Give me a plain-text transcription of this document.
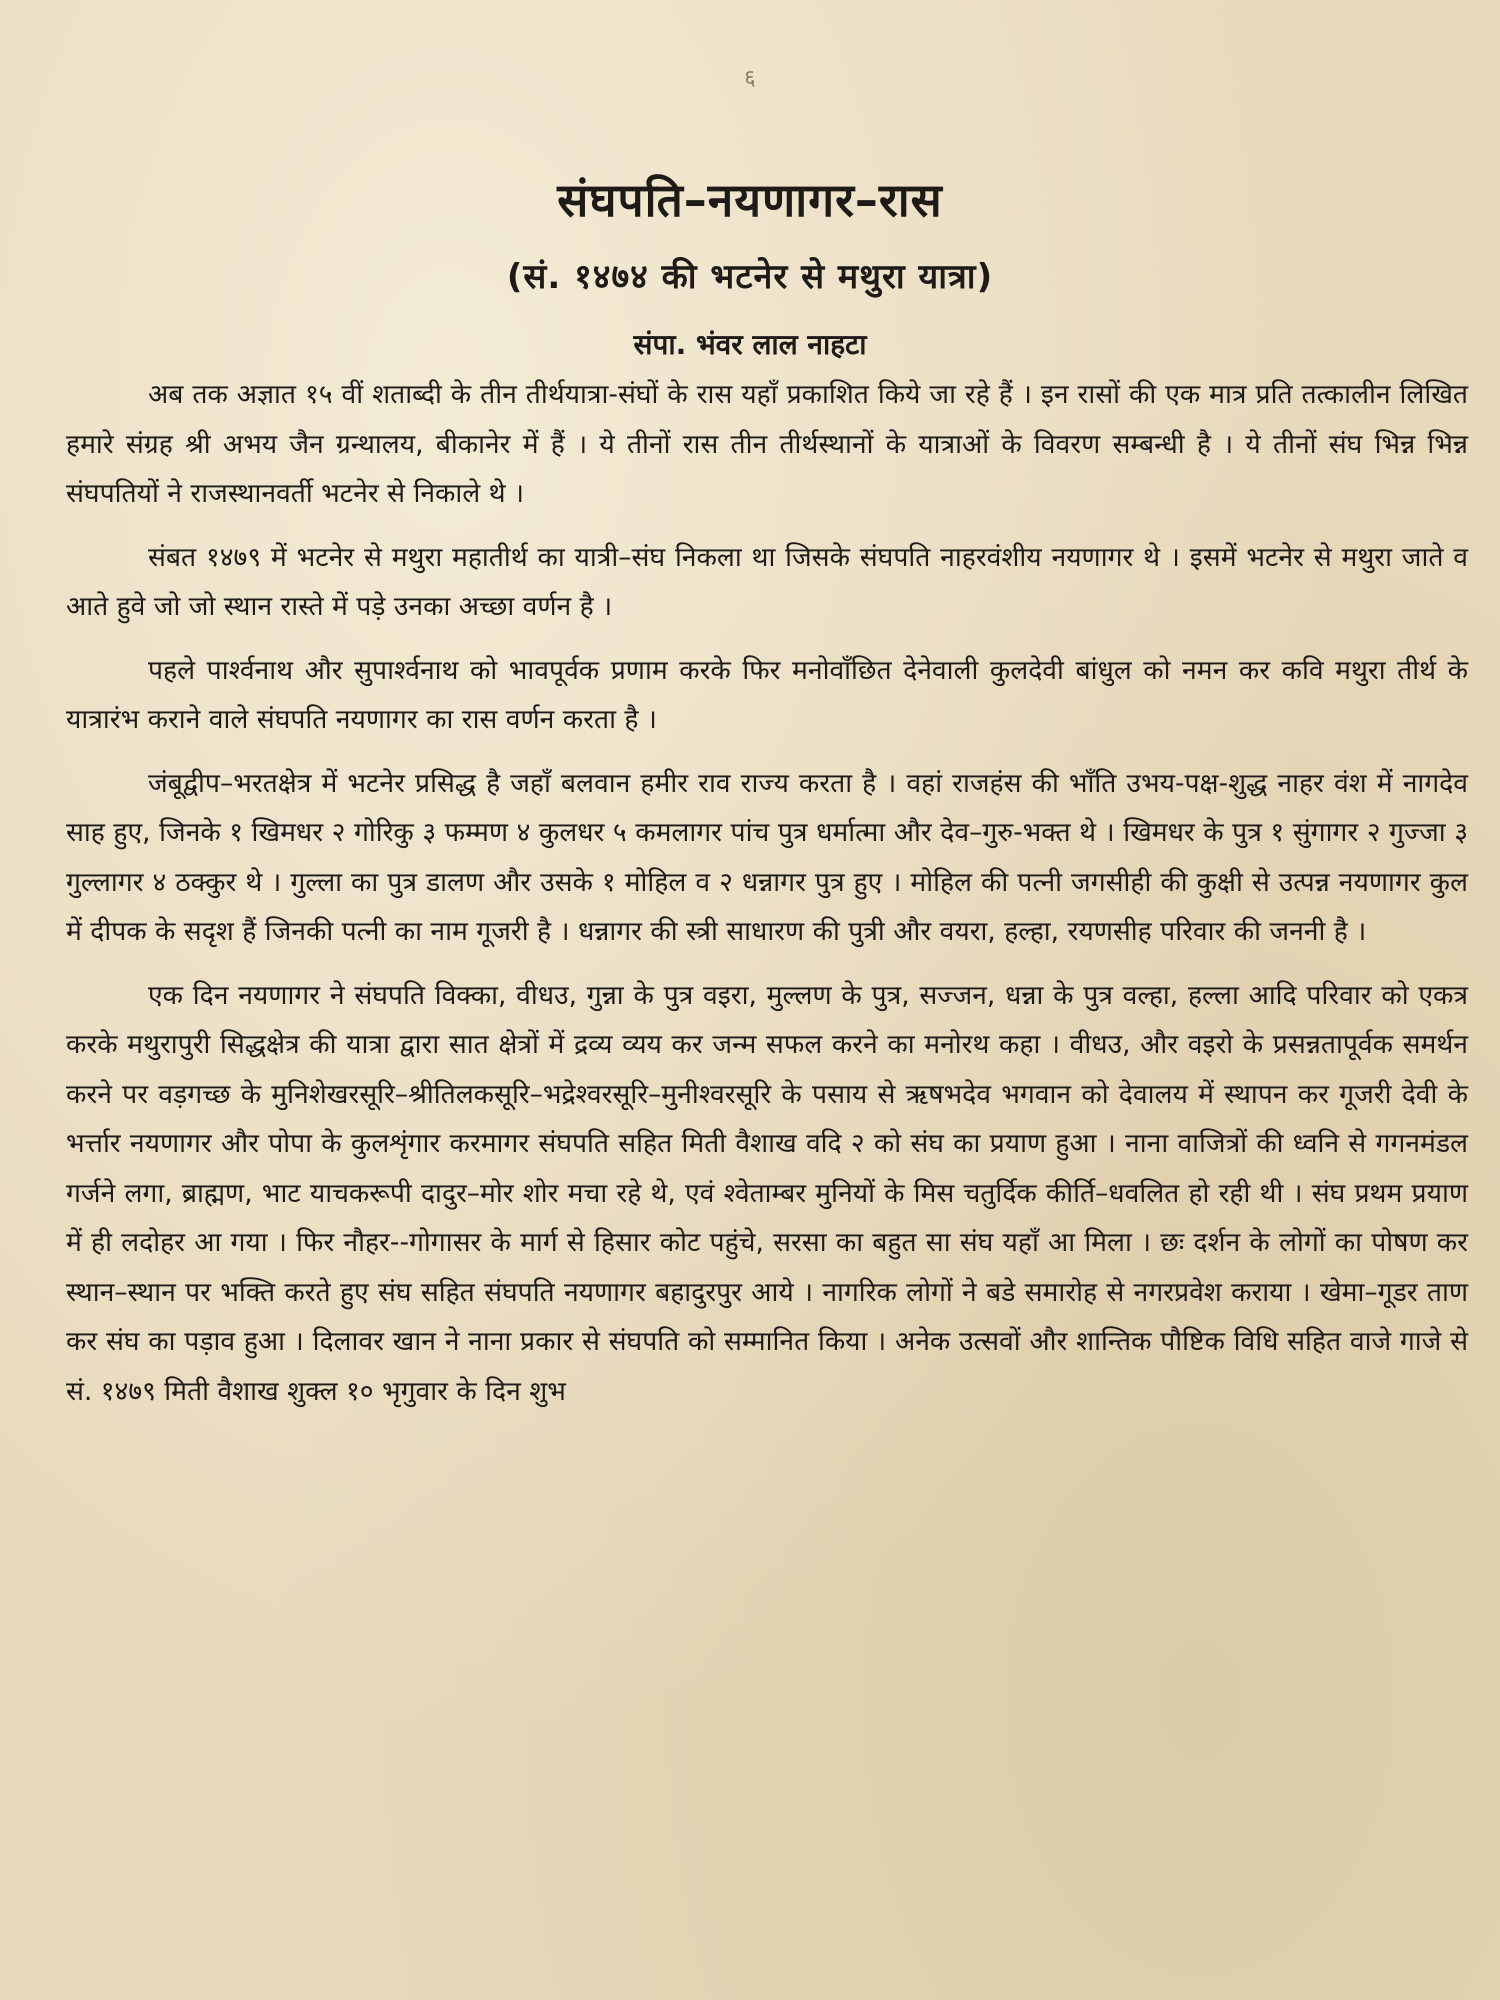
६
संघपति–नयणागर–रास
(सं. १४७४ की भटनेर से मथुरा यात्रा)
संपा. भंवर लाल नाहटा

अब तक अज्ञात १५ वीं शताब्दी के तीन तीर्थयात्रा-संघों के रास यहाँ प्रकाशित किये जा रहे हैं । इन रासों की एक मात्र प्रति तत्कालीन लिखित हमारे संग्रह श्री अभय जैन ग्रन्थालय, बीकानेर में हैं । ये तीनों रास तीन तीर्थस्थानों के यात्राओं के विवरण सम्बन्धी है । ये तीनों संघ भिन्न भिन्न संघपतियों ने राजस्थानवर्ती भटनेर से निकाले थे ।

संबत १४७९ में भटनेर से मथुरा महातीर्थ का यात्री–संघ निकला था जिसके संघपति नाहरवंशीय नयणागर थे । इसमें भटनेर से मथुरा जाते व आते हुवे जो जो स्थान रास्ते में पड़े उनका अच्छा वर्णन है ।

पहले पार्श्वनाथ और सुपार्श्वनाथ को भावपूर्वक प्रणाम करके फिर मनोवाँछित देनेवाली कुलदेवी बांधुल को नमन कर कवि मथुरा तीर्थ के यात्रारंभ कराने वाले संघपति नयणागर का रास वर्णन करता है ।

जंबूद्वीप–भरतक्षेत्र में भटनेर प्रसिद्ध है जहाँ बलवान हमीर राव राज्य करता है । वहां राजहंस की भाँति उभय-पक्ष-शुद्ध नाहर वंश में नागदेव साह हुए, जिनके १ खिमधर २ गोरिकु ३ फम्मण ४ कुलधर ५ कमलागर पांच पुत्र धर्मात्मा और देव–गुरु-भक्त थे । खिमधर के पुत्र १ सुंगागर २ गुज्जा ३ गुल्लागर ४ ठक्कुर थे । गुल्ला का पुत्र डालण और उसके १ मोहिल व २ धन्नागर पुत्र हुए । मोहिल की पत्नी जगसीही की कुक्षी से उत्पन्न नयणागर कुल में दीपक के सदृश हैं जिनकी पत्नी का नाम गूजरी है । धन्नागर की स्त्री साधारण की पुत्री और वयरा, हल्हा, रयणसीह परिवार की जननी है ।

एक दिन नयणागर ने संघपति विक्का, वीधउ, गुन्ना के पुत्र वइरा, मुल्लण के पुत्र, सज्जन, धन्ना के पुत्र वल्हा, हल्ला आदि परिवार को एकत्र करके मथुरापुरी सिद्धक्षेत्र की यात्रा द्वारा सात क्षेत्रों में द्रव्य व्यय कर जन्म सफल करने का मनोरथ कहा । वीधउ, और वइरो के प्रसन्नतापूर्वक समर्थन करने पर वड़गच्छ के मुनिशेखरसूरि–श्रीतिलकसूरि–भद्रेश्वरसूरि–मुनीश्वरसूरि के पसाय से ऋषभदेव भगवान को देवालय में स्थापन कर गूजरी देवी के भर्त्तार नयणागर और पोपा के कुलशृंगार करमागर संघपति सहित मिती वैशाख वदि २ को संघ का प्रयाण हुआ । नाना वाजित्रों की ध्वनि से गगनमंडल गर्जने लगा, ब्राह्मण, भाट याचकरूपी दादुर–मोर शोर मचा रहे थे, एवं श्वेताम्बर मुनियों के मिस चतुर्दिक कीर्ति–धवलित हो रही थी । संघ प्रथम प्रयाण में ही लदोहर आ गया । फिर नौहर--गोगासर के मार्ग से हिसार कोट पहुंचे, सरसा का बहुत सा संघ यहाँ आ मिला । छः दर्शन के लोगों का पोषण कर स्थान–स्थान पर भक्ति करते हुए संघ सहित संघपति नयणागर बहादुरपुर आये । नागरिक लोगों ने बडे समारोह से नगरप्रवेश कराया । खेमा–गूडर ताण कर संघ का पड़ाव हुआ । दिलावर खान ने नाना प्रकार से संघपति को सम्मानित किया । अनेक उत्सवों और शान्तिक पौष्टिक विधि सहित वाजे गाजे से सं. १४७९ मिती वैशाख शुक्ल १० भृगुवार के दिन शुभ
